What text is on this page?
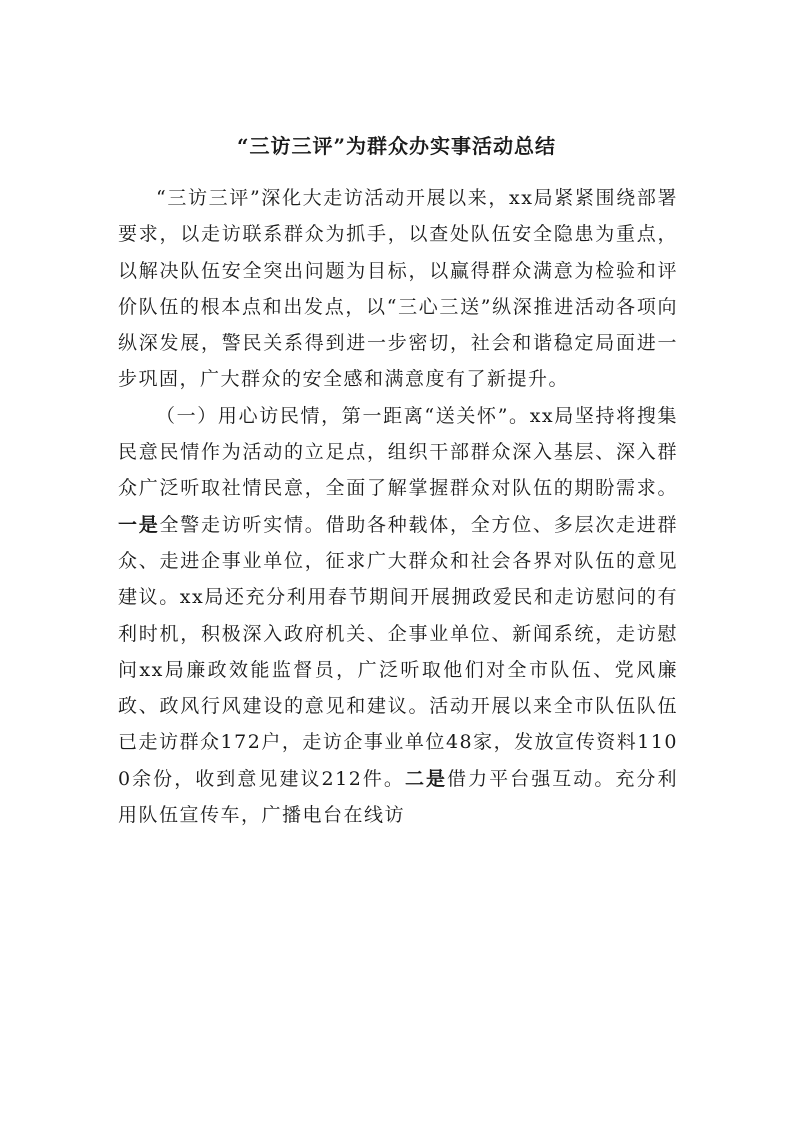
“三访三评”为群众办实事活动总结

“三访三评”深化大走访活动开展以来，xx局紧紧围绕部署要求，以走访联系群众为抓手，以查处队伍安全隐患为重点，以解决队伍安全突出问题为目标，以赢得群众满意为检验和评价队伍的根本点和出发点，以“三心三送”纵深推进活动各项向纵深发展，警民关系得到进一步密切，社会和谐稳定局面进一步巩固，广大群众的安全感和满意度有了新提升。

（一）用心访民情，第一距离“送关怀”。xx局坚持将搜集民意民情作为活动的立足点，组织干部群众深入基层、深入群众广泛听取社情民意，全面了解掌握群众对队伍的期盼需求。一是全警走访听实情。借助各种载体，全方位、多层次走进群众、走进企事业单位，征求广大群众和社会各界对队伍的意见建议。xx局还充分利用春节期间开展拥政爱民和走访慰问的有利时机，积极深入政府机关、企事业单位、新闻系统，走访慰问xx局廉政效能监督员，广泛听取他们对全市队伍、党风廉政、政风行风建设的意见和建议。活动开展以来全市队伍队伍已走访群众172户，走访企事业单位48家，发放宣传资料1100余份，收到意见建议212件。二是借力平台强互动。充分利用队伍宣传车，广播电台在线访
